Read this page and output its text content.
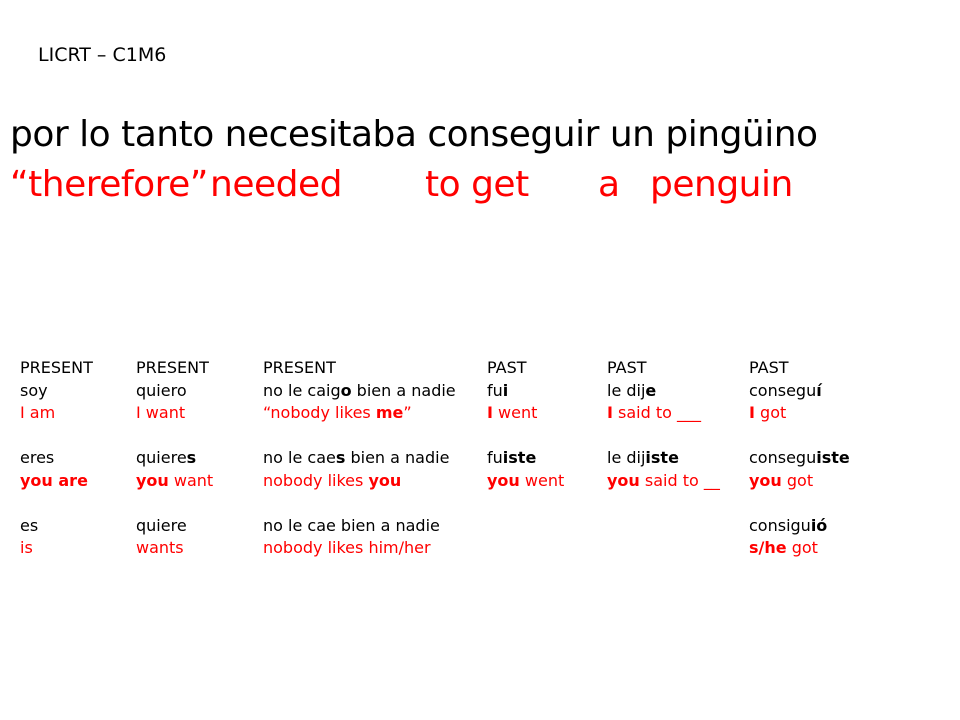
LICRT – C1M6
por lo tanto necesitaba conseguir un pingüino
“therefore” needed to get a penguin
PRESENT
soy
I am
eres
you are
es
is
PRESENT
quiero
I want
quieres
you want
quiere
wants
PRESENT
no le caigo bien a nadie
“nobody likes me”
no le caes bien a nadie
nobody likes you
no le cae bien a nadie
nobody likes him/her
PAST
fui
I went
fuiste
you went
PAST
le dije
I said to ___
le dijiste
you said to __
PAST
conseguí
I got
conseguiste
you got
consiguió
s/he got
